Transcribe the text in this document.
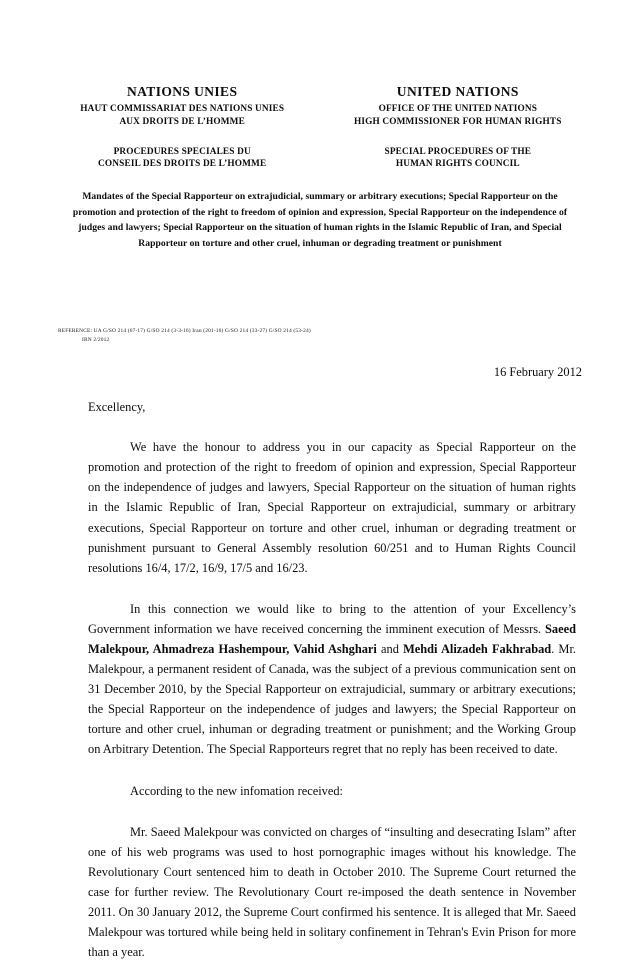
NATIONS UNIES
HAUT COMMISSARIAT DES NATIONS UNIES
AUX DROITS DE L’HOMME
PROCEDURES SPECIALES DU
CONSEIL DES DROITS DE L’HOMME
UNITED NATIONS
OFFICE OF THE UNITED NATIONS
HIGH COMMISSIONER FOR HUMAN RIGHTS
SPECIAL PROCEDURES OF THE
HUMAN RIGHTS COUNCIL
Mandates of the Special Rapporteur on extrajudicial, summary or arbitrary executions; Special Rapporteur on the promotion and protection of the right to freedom of opinion and expression, Special Rapporteur on the independence of judges and lawyers; Special Rapporteur on the situation of human rights in the Islamic Republic of Iran, and Special Rapporteur on torture and other cruel, inhuman or degrading treatment or punishment
REFERENCE: UA G/SO 214 (67-17) G/SO 214 (3-3-16) Iran (201-16) G/SO 214 (33-27) G/SO 214 (53-24)
IRN 2/2012
16 February 2012

Excellency,

We have the honour to address you in our capacity as Special Rapporteur on the promotion and protection of the right to freedom of opinion and expression, Special Rapporteur on the independence of judges and lawyers, Special Rapporteur on the situation of human rights in the Islamic Republic of Iran, Special Rapporteur on extrajudicial, summary or arbitrary executions, Special Rapporteur on torture and other cruel, inhuman or degrading treatment or punishment pursuant to General Assembly resolution 60/251 and to Human Rights Council resolutions 16/4, 17/2, 16/9, 17/5 and 16/23.

In this connection we would like to bring to the attention of your Excellency’s Government information we have received concerning the imminent execution of Messrs. Saeed Malekpour, Ahmadreza Hashempour, Vahid Ashghari and Mehdi Alizadeh Fakhrabad. Mr. Malekpour, a permanent resident of Canada, was the subject of a previous communication sent on 31 December 2010, by the Special Rapporteur on extrajudicial, summary or arbitrary executions; the Special Rapporteur on the independence of judges and lawyers; the Special Rapporteur on torture and other cruel, inhuman or degrading treatment or punishment; and the Working Group on Arbitrary Detention. The Special Rapporteurs regret that no reply has been received to date.

According to the new infomation received:

Mr. Saeed Malekpour was convicted on charges of “insulting and desecrating Islam” after one of his web programs was used to host pornographic images without his knowledge. The Revolutionary Court sentenced him to death in October 2010. The Supreme Court returned the case for further review. The Revolutionary Court re-imposed the death sentence in November 2011. On 30 January 2012, the Supreme Court confirmed his sentence. It is alleged that Mr. Saeed Malekpour was tortured while being held in solitary confinement in Tehran's Evin Prison for more than a year.
